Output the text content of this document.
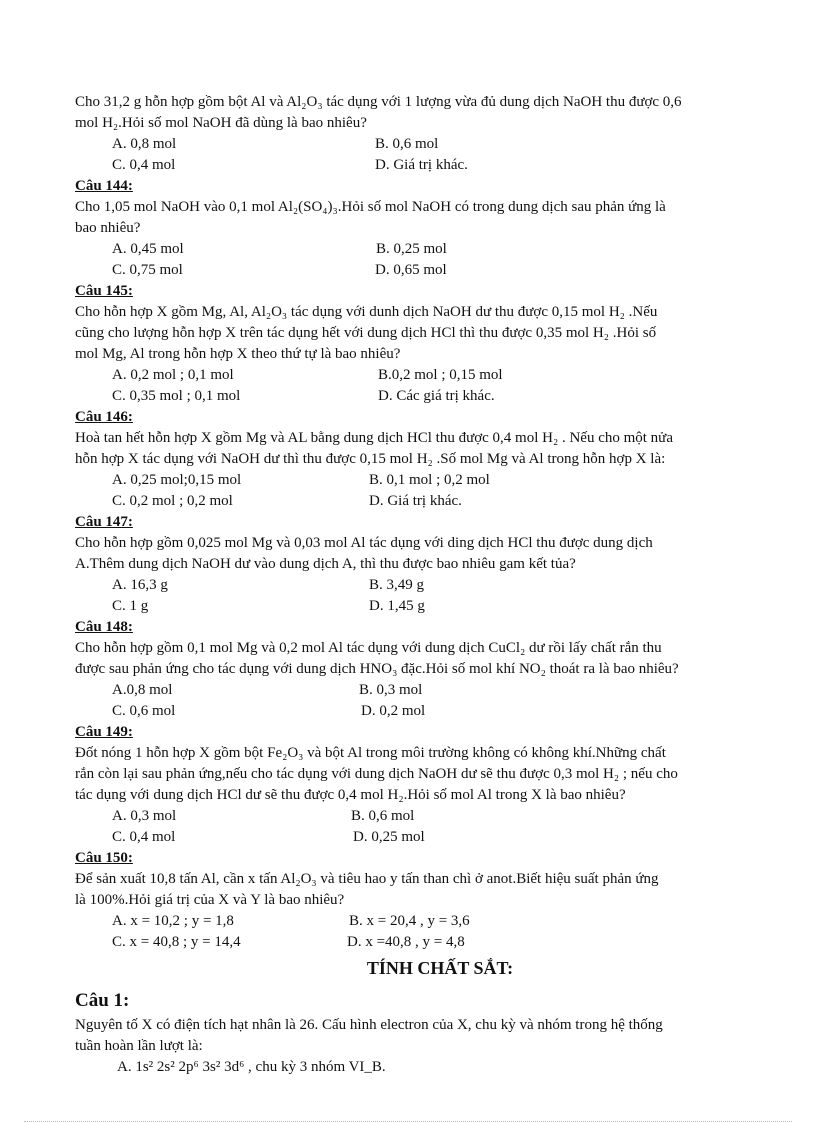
Cho 31,2 g hỗn hợp gồm bột Al và Al₂O₃ tác dụng với 1 lượng vừa đủ dung dịch NaOH thu được 0,6
mol H₂.Hỏi số mol NaOH đã dùng là bao nhiêu?
A. 0,8 mol	B. 0,6 mol
C. 0,4 mol	D. Giá trị khác.
Câu 144:
Cho 1,05 mol NaOH vào 0,1 mol Al₂(SO₄)₃.Hỏi số mol NaOH có trong dung dịch sau phản ứng là
bao nhiêu?
A. 0,45 mol	B. 0,25 mol
C. 0,75 mol	D. 0,65 mol
Câu 145:
Cho hỗn hợp X gồm Mg, Al, Al₂O₃ tác dụng với dunh dịch NaOH dư thu được 0,15 mol H₂ .Nếu
cũng cho lượng hỗn hợp X trên tác dụng hết với dung dịch HCl thì thu được 0,35 mol H₂ .Hỏi số
mol Mg, Al trong hỗn hợp X theo thứ tự là bao nhiêu?
A. 0,2 mol ; 0,1 mol	B.0,2 mol ; 0,15 mol
C. 0,35 mol ; 0,1 mol	D. Các giá trị khác.
Câu 146:
Hoà tan hết hỗn hợp X gồm Mg và AL bằng dung dịch HCl thu được 0,4 mol H₂ . Nếu cho một nửa
hỗn hợp X tác dụng với NaOH dư thì thu được 0,15 mol H₂ .Số mol Mg và Al trong hỗn hợp X là:
A. 0,25 mol;0,15 mol	B. 0,1 mol ; 0,2 mol
C. 0,2 mol ; 0,2 mol	D. Giá trị khác.
Câu 147:
Cho hỗn hợp gồm 0,025 mol Mg và 0,03 mol Al tác dụng với ding dịch HCl thu được dung dịch
A.Thêm dung dịch NaOH dư vào dung dịch A, thì thu được bao nhiêu gam kết tủa?
A. 16,3 g	B. 3,49 g
C. 1 g	D. 1,45 g
Câu 148:
Cho hỗn hợp gồm 0,1 mol Mg và 0,2 mol Al tác dụng với dung dịch CuCl₂ dư rồi lấy chất rắn thu
được sau phản ứng cho tác dụng với dung dịch HNO₃ đặc.Hỏi số mol khí NO₂ thoát ra là bao nhiêu?
A.0,8 mol	B. 0,3 mol
C. 0,6 mol	D. 0,2 mol
Câu 149:
Đốt nóng 1 hỗn hợp X gồm bột Fe₂O₃ và bột Al trong môi trường không có không khí.Những chất
rắn còn lại sau phản ứng,nếu cho tác dụng với dung dịch NaOH dư sẽ thu được 0,3 mol H₂ ; nếu cho
tác dụng với dung dịch HCl dư sẽ thu được 0,4 mol H₂.Hỏi số mol Al trong X là bao nhiêu?
A. 0,3 mol	B. 0,6 mol
C. 0,4 mol	D. 0,25 mol
Câu 150:
Để sản xuất 10,8 tấn Al, cần x tấn Al₂O₃ và tiêu hao y tấn than chì ở anot.Biết hiệu suất phản ứng
là 100%.Hỏi giá trị của X và Y là bao nhiêu?
A. x = 10,2 ; y = 1,8	B. x = 20,4 , y = 3,6
C. x = 40,8 ; y = 14,4	D. x =40,8 , y = 4,8
TÍNH CHẤT SẮT:
Câu 1:
Nguyên tố X có điện tích hạt nhân là 26. Cấu hình electron của X, chu kỳ và nhóm trong hệ thống
tuần hoàn lần lượt là:
A. 1s² 2s² 2p⁶ 3s² 3d⁶ , chu kỳ 3 nhóm VI_B.
